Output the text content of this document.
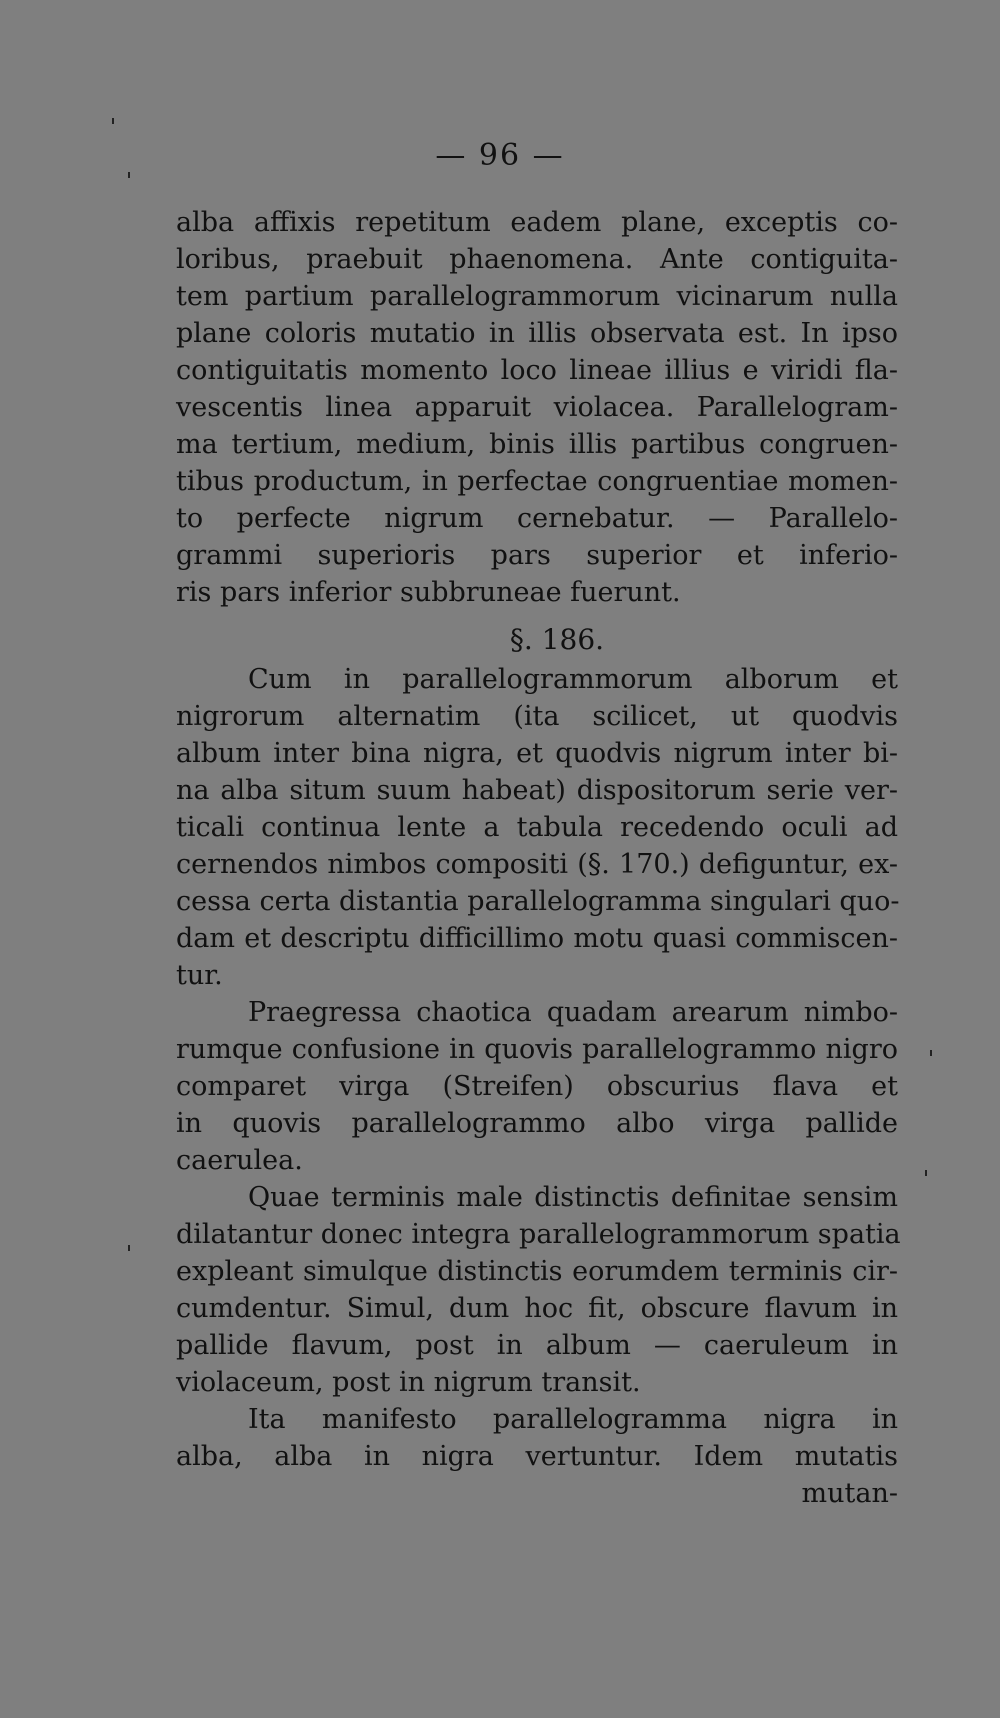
— 96 —
alba affixis repetitum eadem plane, exceptis co-
loribus, praebuit phaenomena. Ante contiguita-
tem partium parallelogrammorum vicinarum nulla
plane coloris mutatio in illis observata est. In ipso
contiguitatis momento loco lineae illius e viridi fla-
vescentis linea apparuit violacea. Parallelogram-
ma tertium, medium, binis illis partibus congruen-
tibus productum, in perfectae congruentiae momen-
to perfecte nigrum cernebatur. — Parallelo-
grammi superioris pars superior et inferio-
ris pars inferior subbruneae fuerunt.
§. 186.
Cum in parallelogrammorum alborum et
nigrorum alternatim (ita scilicet, ut quodvis
album inter bina nigra, et quodvis nigrum inter bi-
na alba situm suum habeat) dispositorum serie ver-
ticali continua lente a tabula recedendo oculi ad
cernendos nimbos compositi (§. 170.) defiguntur, ex-
cessa certa distantia parallelogramma singulari quo-
dam et descriptu difficillimo motu quasi commiscen-
tur.
Praegressa chaotica quadam arearum nimbo-
rumque confusione in quovis parallelogrammo nigro
comparet virga (Streifen) obscurius flava et
in quovis parallelogrammo albo virga pallide
caerulea.
Quae terminis male distinctis definitae sensim
dilatantur donec integra parallelogrammorum spatia
expleant simulque distinctis eorumdem terminis cir-
cumdentur. Simul, dum hoc fit, obscure flavum in
pallide flavum, post in album — caeruleum in
violaceum, post in nigrum transit.
Ita manifesto parallelogramma nigra in
alba, alba in nigra vertuntur. Idem mutatis
mutan-
